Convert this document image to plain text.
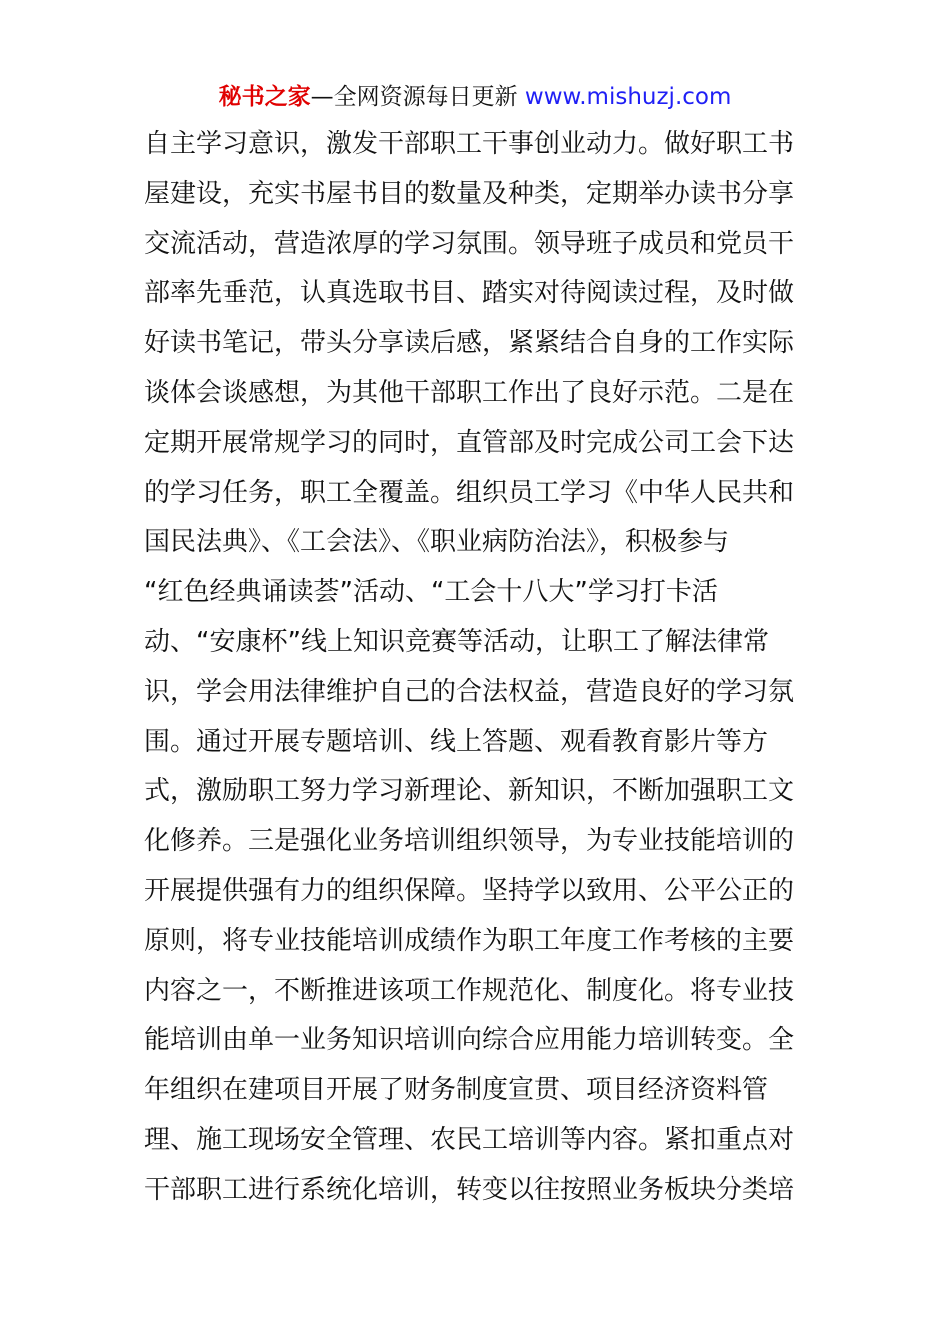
秘书之家—全网资源每日更新 www.mishuzj.com
自主学习意识，激发干部职工干事创业动力。做好职工书
屋建设，充实书屋书目的数量及种类，定期举办读书分享
交流活动，营造浓厚的学习氛围。领导班子成员和党员干
部率先垂范，认真选取书目、踏实对待阅读过程，及时做
好读书笔记，带头分享读后感，紧紧结合自身的工作实际
谈体会谈感想，为其他干部职工作出了良好示范。二是在
定期开展常规学习的同时，直管部及时完成公司工会下达
的学习任务，职工全覆盖。组织员工学习《中华人民共和
国民法典》、《工会法》、《职业病防治法》，积极参与
“红色经典诵读荟”活动、“工会十八大”学习打卡活
动、“安康杯”线上知识竞赛等活动，让职工了解法律常
识，学会用法律维护自己的合法权益，营造良好的学习氛
围。通过开展专题培训、线上答题、观看教育影片等方
式，激励职工努力学习新理论、新知识，不断加强职工文
化修养。三是强化业务培训组织领导，为专业技能培训的
开展提供强有力的组织保障。坚持学以致用、公平公正的
原则，将专业技能培训成绩作为职工年度工作考核的主要
内容之一，不断推进该项工作规范化、制度化。将专业技
能培训由单一业务知识培训向综合应用能力培训转变。全
年组织在建项目开展了财务制度宣贯、项目经济资料管
理、施工现场安全管理、农民工培训等内容。紧扣重点对
干部职工进行系统化培训，转变以往按照业务板块分类培
